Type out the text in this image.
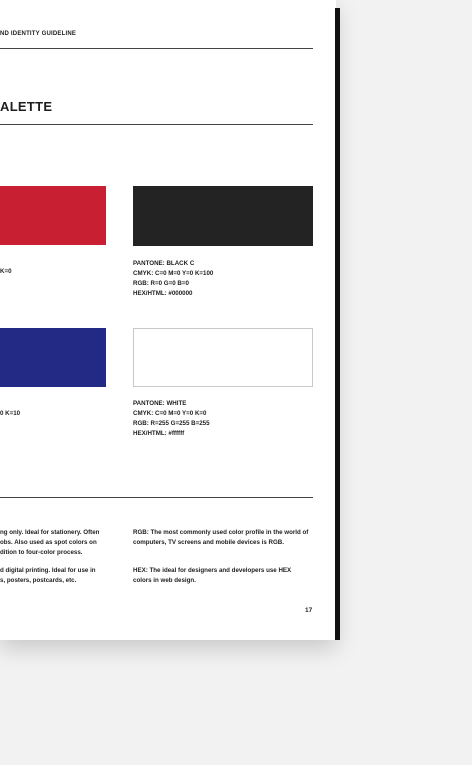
ND IDENTITY GUIDELINE
ALETTE
K=0
PANTONE: BLACK C
CMYK: C=0 M=0 Y=0 K=100
RGB: R=0 G=0 B=0
HEX/HTML: #000000
0 K=10
PANTONE: WHITE
CMYK: C=0 M=0 Y=0 K=0
RGB: R=255 G=255 B=255
HEX/HTML: #ffffff
ng only. Ideal for stationery. Often
obs. Also used as spot colors on
dition to four-color process.
d digital printing. Ideal for use in
s, posters, postcards, etc.
RGB: The most commonly used color profile in the world of computers, TV screens and mobile devices is RGB.
HEX: The ideal for designers and developers use HEX colors in web design.
17
